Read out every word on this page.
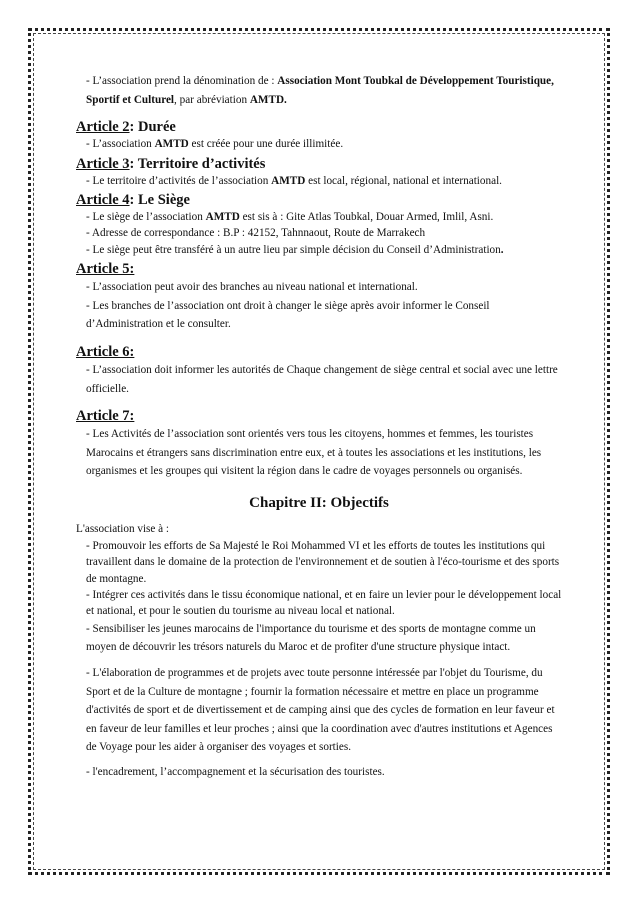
- L’association prend la dénomination de : Association Mont Toubkal de Développement Touristique, Sportif et Culturel, par abréviation AMTD.

Article 2: Durée

- L’association AMTD est créée pour une durée illimitée.

Article 3: Territoire d’activités

- Le territoire d’activités de l’association AMTD est local, régional, national et international.

Article 4: Le Siège

- Le siège de l’association AMTD est sis à : Gite Atlas Toubkal, Douar Armed, Imlil, Asni.

- Adresse de correspondance : B.P : 42152, Tahnnaout, Route de Marrakech

- Le siège peut être transféré à un autre lieu par simple décision du Conseil d’Administration.

Article 5:

- L’association peut avoir des branches au niveau national et international.

- Les branches de l’association ont droit à changer le siège après avoir informer le Conseil d’Administration et le consulter.

Article 6:

- L’association doit informer les autorités de Chaque changement de siège central et social avec une lettre officielle.

Article 7:

- Les Activités de l’association sont orientés vers tous les citoyens, hommes et femmes, les touristes Marocains et étrangers sans discrimination entre eux, et à toutes les associations et les institutions, les organismes et les groupes qui visitent la région dans le cadre de voyages personnels ou organisés.

Chapitre II: Objectifs

L'association vise à :

- Promouvoir les efforts de Sa Majesté le Roi Mohammed VI et les efforts de toutes les institutions qui travaillent dans le domaine de la protection de l'environnement et de soutien à l'éco-tourisme et des sports de montagne.

- Intégrer ces activités dans le tissu économique national, et en faire un levier pour le développement local et national, et pour le soutien du tourisme au niveau local et national.

- Sensibiliser les jeunes marocains de l'importance du tourisme et des sports de montagne comme un moyen de découvrir les trésors naturels du Maroc et de profiter d'une structure physique intact.

- L'élaboration de programmes et de projets avec toute personne intéressée par l'objet du Tourisme, du Sport et de la Culture de montagne ; fournir la formation nécessaire et mettre en place un programme d'activités de sport et de divertissement et de camping ainsi que des cycles de formation en leur faveur et en faveur de leur familles et leur proches ; ainsi que la coordination avec d'autres institutions et Agences de Voyage pour les aider à organiser des voyages et sorties.

- l'encadrement, l’accompagnement et la sécurisation des touristes.
